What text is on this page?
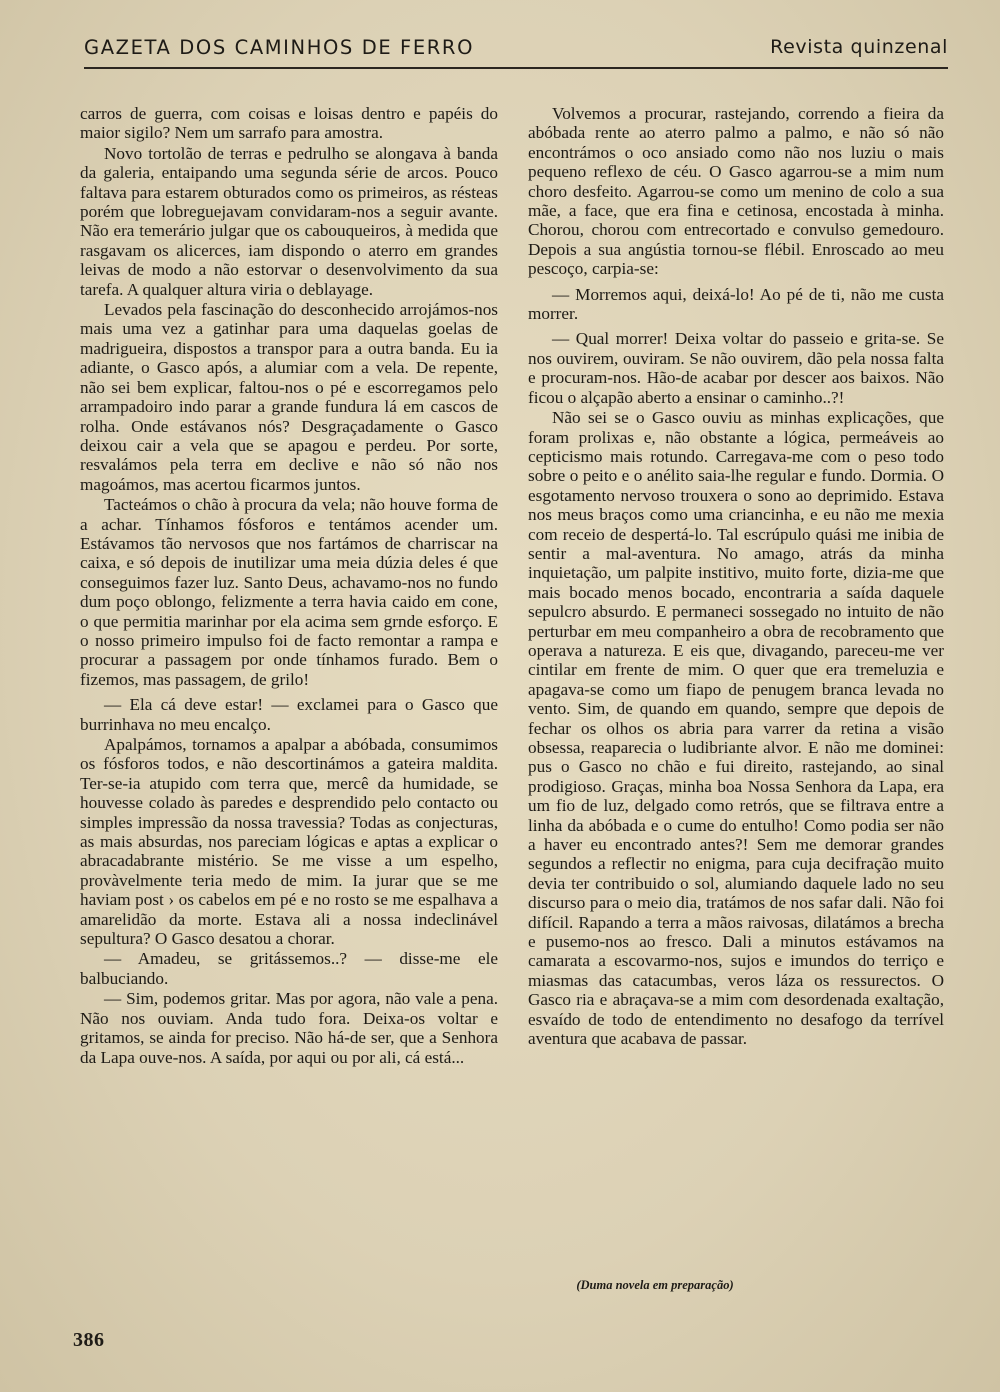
GAZETA DOS CAMINHOS DE FERRO	Revista quinzenal

carros de guerra, com coisas e loisas dentro e papéis do maior sigilo? Nem um sarrafo para amostra.

Novo tortolão de terras e pedrulho se alongava à banda da galeria, entaipando uma segunda série de arcos. Pouco faltava para estarem obturados como os primeiros, as résteas porém que lobreguejavam convidaram-nos a seguir avante. Não era temerário julgar que os cabouqueiros, à medida que rasgavam os alicerces, iam dispondo o aterro em grandes leivas de modo a não estorvar o desenvolvimento da sua tarefa. A qualquer altura viria o deblayage.

Levados pela fascinação do desconhecido arrojámos-nos mais uma vez a gatinhar para uma daquelas goelas de madrigueira, dispostos a transpor para a outra banda. Eu ia adiante, o Gasco após, a alumiar com a vela. De repente, não sei bem explicar, faltou-nos o pé e escorregamos pelo arrampadoiro indo parar a grande fundura lá em cascos de rolha. Onde estávanos nós? Desgraçadamente o Gasco deixou cair a vela que se apagou e perdeu. Por sorte, resvalámos pela terra em declive e não só não nos magoámos, mas acertou ficarmos juntos.

Tacteámos o chão à procura da vela; não houve forma de a achar. Tínhamos fósforos e tentámos acender um. Estávamos tão nervosos que nos fartámos de charriscar na caixa, e só depois de inutilizar uma meia dúzia deles é que conseguimos fazer luz. Santo Deus, achavamo-nos no fundo dum poço oblongo, felizmente a terra havia caido em cone, o que permitia marinhar por ela acima sem grnde esforço. E o nosso primeiro impulso foi de facto remontar a rampa e procurar a passagem por onde tínhamos furado. Bem o fizemos, mas passagem, de grilo!

— Ela cá deve estar! — exclamei para o Gasco que burrinhava no meu encalço.

Apalpámos, tornamos a apalpar a abóbada, consumimos os fósforos todos, e não descortinámos a gateira maldita. Ter-se-ia atupido com terra que, mercê da humidade, se houvesse colado às paredes e desprendido pelo contacto ou simples impressão da nossa travessia? Todas as conjecturas, as mais absurdas, nos pareciam lógicas e aptas a explicar o abracadabrante mistério. Se me visse a um espelho, provàvelmente teria medo de mim. Ia jurar que se me haviam post › os cabelos em pé e no rosto se me espalhava a amarelidão da morte. Estava ali a nossa indeclinável sepultura? O Gasco desatou a chorar.

— Amadeu, se gritássemos..? — disse-me ele balbuciando.

— Sim, podemos gritar. Mas por agora, não vale a pena. Não nos ouviam. Anda tudo fora. Deixa-os voltar e gritamos, se ainda for preciso. Não há-de ser, que a Senhora da Lapa ouve-nos. A saída, por aqui ou por ali, cá está...

Volvemos a procurar, rastejando, correndo a fieira da abóbada rente ao aterro palmo a palmo, e não só não encontrámos o oco ansiado como não nos luziu o mais pequeno reflexo de céu. O Gasco agarrou-se a mim num choro desfeito. Agarrou-se como um menino de colo a sua mãe, a face, que era fina e cetinosa, encostada à minha. Chorou, chorou com entrecortado e convulso gemedouro. Depois a sua angústia tornou-se flébil. Enroscado ao meu pescoço, carpia-se:

— Morremos aqui, deixá-lo! Ao pé de ti, não me custa morrer.

— Qual morrer! Deixa voltar do passeio e grita-se. Se nos ouvirem, ouviram. Se não ouvirem, dão pela nossa falta e procuram-nos. Hão-de acabar por descer aos baixos. Não ficou o alçapão aberto a ensinar o caminho..?!

Não sei se o Gasco ouviu as minhas explicações, que foram prolixas e, não obstante a lógica, permeáveis ao cepticismo mais rotundo. Carregava-me com o peso todo sobre o peito e o anélito saia-lhe regular e fundo. Dormia. O esgotamento nervoso trouxera o sono ao deprimido. Estava nos meus braços como uma criancinha, e eu não me mexia com receio de despertá-lo. Tal escrúpulo quási me inibia de sentir a mal-aventura. No amago, atrás da minha inquietação, um palpite institivo, muito forte, dizia-me que mais bocado menos bocado, encontraria a saída daquele sepulcro absurdo. E permaneci sossegado no intuito de não perturbar em meu companheiro a obra de recobramento que operava a natureza. E eis que, divagando, pareceu-me ver cintilar em frente de mim. O quer que era tremeluzia e apagava-se como um fiapo de penugem branca levada no vento. Sim, de quando em quando, sempre que depois de fechar os olhos os abria para varrer da retina a visão obsessa, reaparecia o ludibriante alvor. E não me dominei: pus o Gasco no chão e fui direito, rastejando, ao sinal prodigioso. Graças, minha boa Nossa Senhora da Lapa, era um fio de luz, delgado como retrós, que se filtrava entre a linha da abóbada e o cume do entulho! Como podia ser não a haver eu encontrado antes?! Sem me demorar grandes segundos a reflectir no enigma, para cuja decifração muito devia ter contribuido o sol, alumiando daquele lado no seu discurso para o meio dia, tratámos de nos safar dali. Não foi difícil. Rapando a terra a mãos raivosas, dilatámos a brecha e pusemo-nos ao fresco. Dali a minutos estávamos na camarata a escovarmo-nos, sujos e imundos do terriço e miasmas das catacumbas, veros láza os ressurectos. O Gasco ria e abraçava-se a mim com desordenada exaltação, esvaído de todo de entendimento no desafogo da terrível aventura que acabava de passar.

(Duma novela em preparação)
386
